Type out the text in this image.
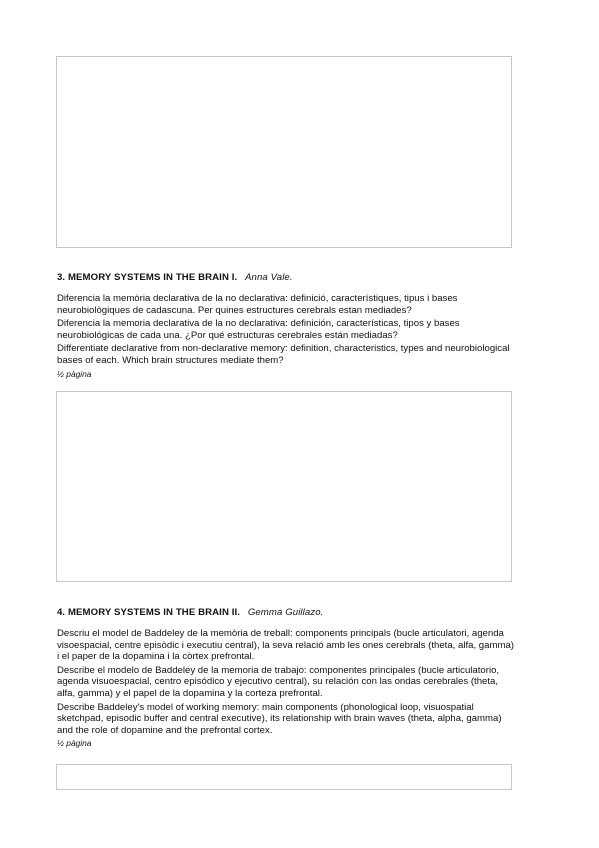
3. MEMORY SYSTEMS IN THE BRAIN I. Anna Vale.

Diferencia la memòria declarativa de la no declarativa: definició, característiques, tipus i bases neurobiològiques de cadascuna. Per quines estructures cerebrals estan mediades?

Diferencia la memoria declarativa de la no declarativa: definición, características, tipos y bases neurobiológicas de cada una. ¿Por qué estructuras cerebrales están mediadas?

Differentiate declarative from non-declarative memory: definition, characteristics, types and neurobiological bases of each. Which brain structures mediate them?

½ pàgina

4. MEMORY SYSTEMS IN THE BRAIN II. Gemma Guillazo.

Descriu el model de Baddeley de la memòria de treball: components principals (bucle articulatori, agenda visoespacial, centre episòdic i executiu central), la seva relació amb les ones cerebrals (theta, alfa, gamma) i el paper de la dopamina i la còrtex prefrontal.

Describe el modelo de Baddeley de la memoria de trabajo: componentes principales (bucle articulatorio, agenda visuoespacial, centro episódico y ejecutivo central), su relación con las ondas cerebrales (theta, alfa, gamma) y el papel de la dopamina y la corteza prefrontal.

Describe Baddeley's model of working memory: main components (phonological loop, visuospatial sketchpad, episodic buffer and central executive), its relationship with brain waves (theta, alpha, gamma) and the role of dopamine and the prefrontal cortex.

½ pàgina
